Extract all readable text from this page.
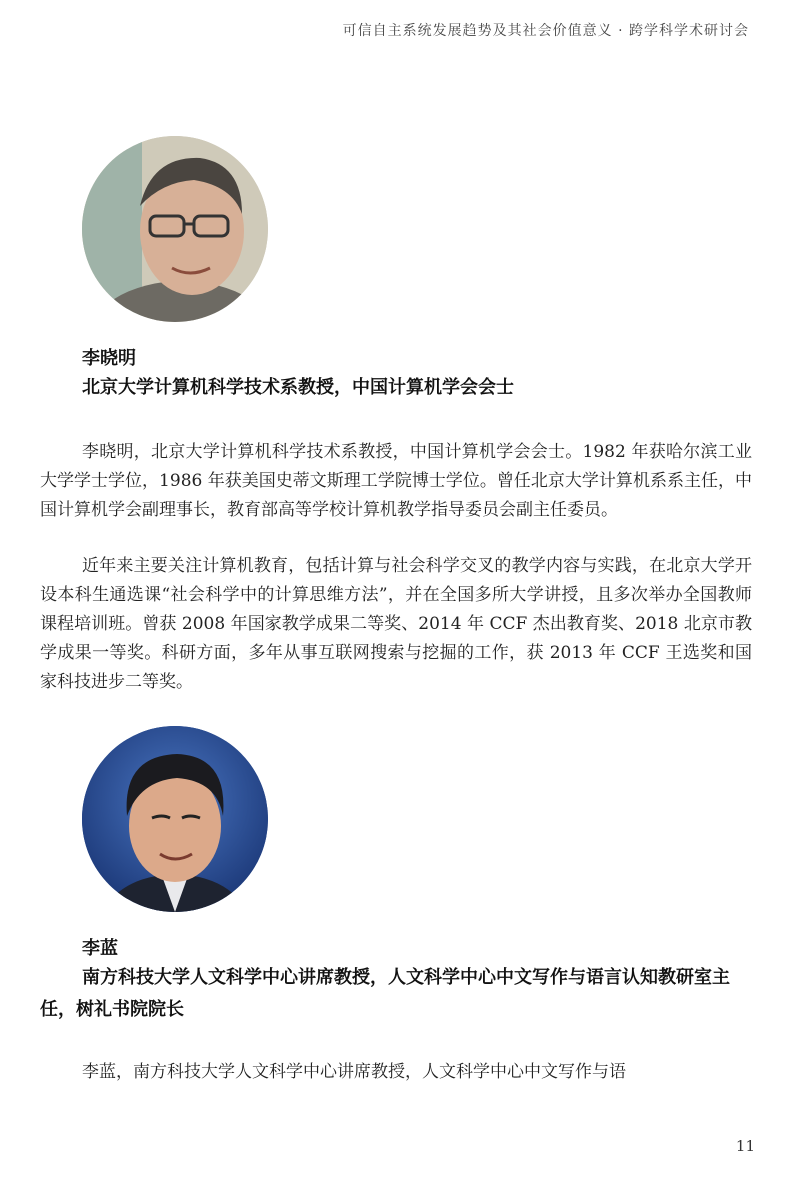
可信自主系统发展趋势及其社会价值意义 · 跨学科学术研讨会
李晓明
北京大学计算机科学技术系教授，中国计算机学会会士

李晓明，北京大学计算机科学技术系教授，中国计算机学会会士。1982 年获哈尔滨工业大学学士学位，1986 年获美国史蒂文斯理工学院博士学位。曾任北京大学计算机系系主任，中国计算机学会副理事长，教育部高等学校计算机教学指导委员会副主任委员。

近年来主要关注计算机教育，包括计算与社会科学交叉的教学内容与实践，在北京大学开设本科生通选课“社会科学中的计算思维方法”，并在全国多所大学讲授，且多次举办全国教师课程培训班。曾获 2008 年国家教学成果二等奖、2014 年 CCF 杰出教育奖、2018 北京市教学成果一等奖。科研方面，多年从事互联网搜索与挖掘的工作，获 2013 年 CCF 王选奖和国家科技进步二等奖。

李蓝
南方科技大学人文科学中心讲席教授，人文科学中心中文写作与语言认知教研室主任，树礼书院院长

李蓝，南方科技大学人文科学中心讲席教授，人文科学中心中文写作与语

11
